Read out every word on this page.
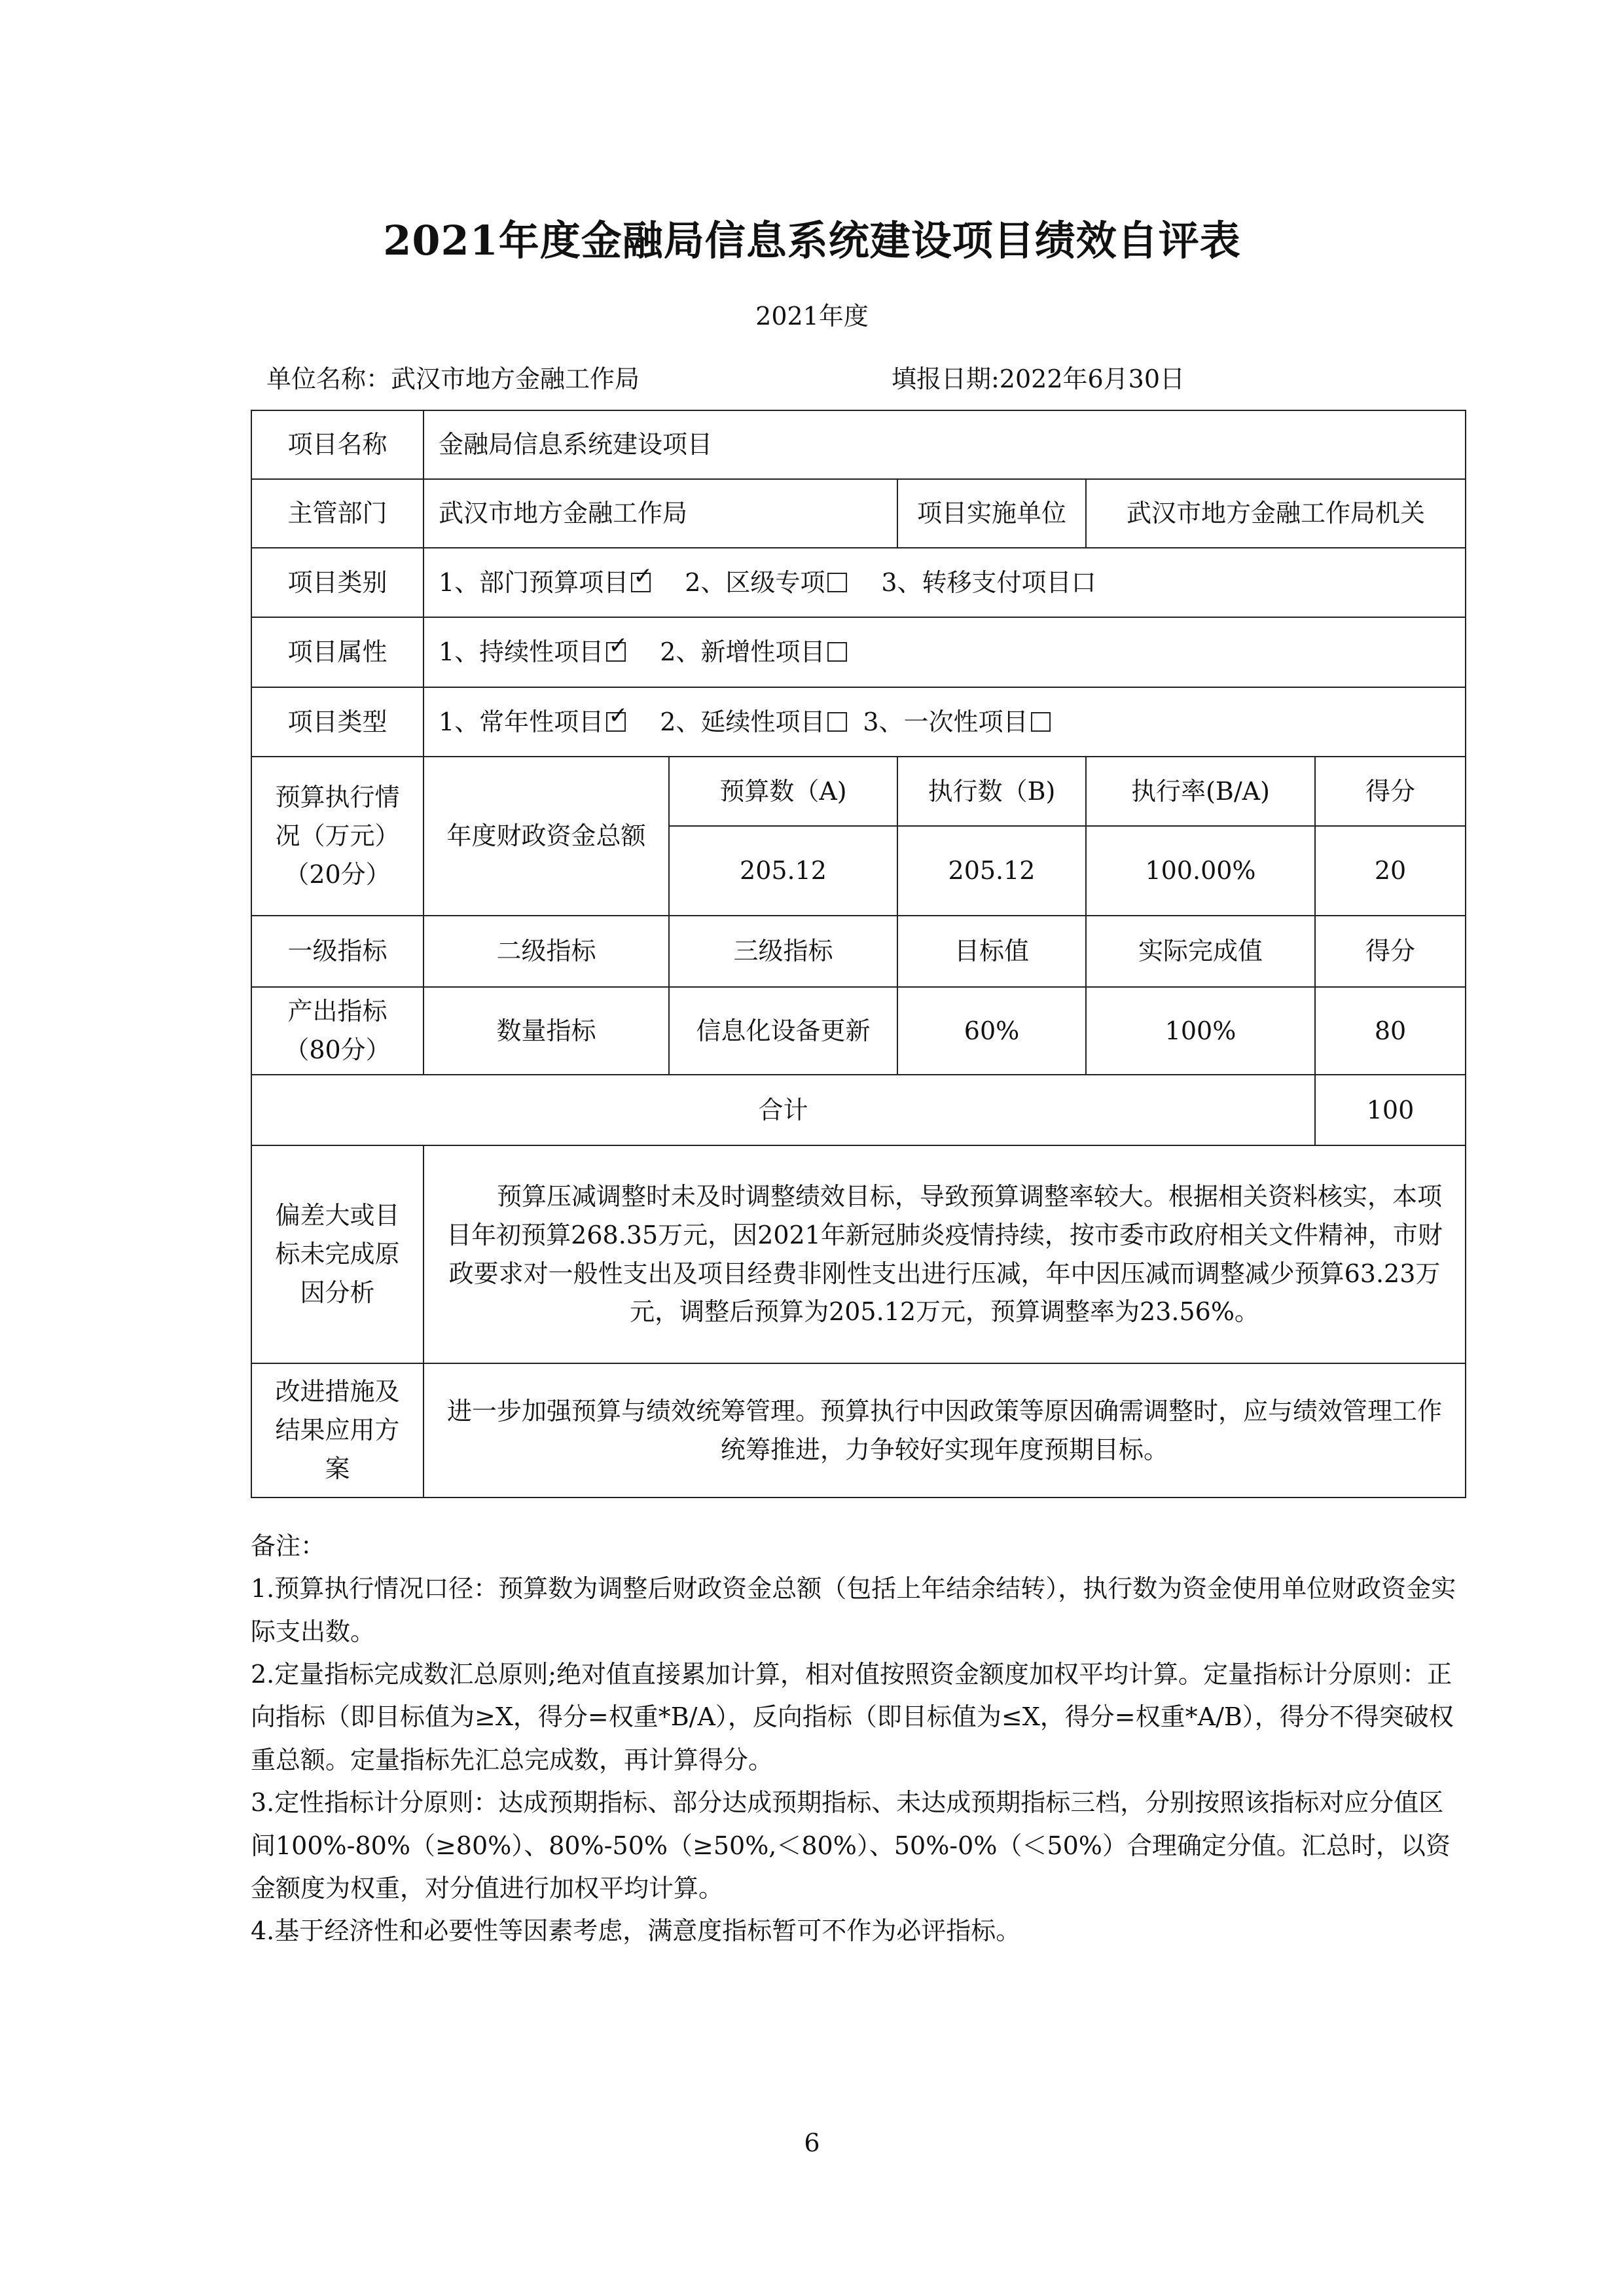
2021年度金融局信息系统建设项目绩效自评表
2021年度
单位名称：武汉市地方金融工作局	填报日期:2022年6月30日
项目名称	金融局信息系统建设项目				
主管部门	武汉市地方金融工作局		项目实施单位	武汉市地方金融工作局机关	
项目类别	1、部门预算项目 ✓ 2、区级专项 3、转移支付项目口
项目属性	1、持续性项目 ✓ 2、新增性项目
项目类型	1、常年性项目 ✓ 2、延续性项目 3、一次性项目
预算执行情况（万元）（20分）	年度财政资金总额	预算数（A)	执行数（B)	执行率(B/A)	得分
		205.12	205.12	100.00%	20
一级指标	二级指标	三级指标	目标值	实际完成值	得分
产出指标（80分）	数量指标	信息化设备更新	60%	100%	80
合计					100
偏差大或目标未完成原因分析	预算压减调整时未及时调整绩效目标，导致预算调整率较大。根据相关资料核实，本项目年初预算268.35万元，因2021年新冠肺炎疫情持续，按市委市政府相关文件精神，市财政要求对一般性支出及项目经费非刚性支出进行压减，年中因压减而调整减少预算63.23万元，调整后预算为205.12万元，预算调整率为23.56%。				
改进措施及结果应用方案	进一步加强预算与绩效统筹管理。预算执行中因政策等原因确需调整时，应与绩效管理工作统筹推进，力争较好实现年度预期目标。				

备注：

1.预算执行情况口径：预算数为调整后财政资金总额（包括上年结余结转），执行数为资金使用单位财政资金实际支出数。

2.定量指标完成数汇总原则;绝对值直接累加计算，相对值按照资金额度加权平均计算。定量指标计分原则：正向指标（即目标值为≥X，得分=权重*B/A），反向指标（即目标值为≤X，得分=权重*A/B），得分不得突破权重总额。定量指标先汇总完成数，再计算得分。

3.定性指标计分原则：达成预期指标、部分达成预期指标、未达成预期指标三档，分别按照该指标对应分值区间100%-80%（≥80%）、80%-50%（≥50%,＜80%）、50%-0%（＜50%）合理确定分值。汇总时，以资金额度为权重，对分值进行加权平均计算。

4.基于经济性和必要性等因素考虑，满意度指标暂可不作为必评指标。

6
